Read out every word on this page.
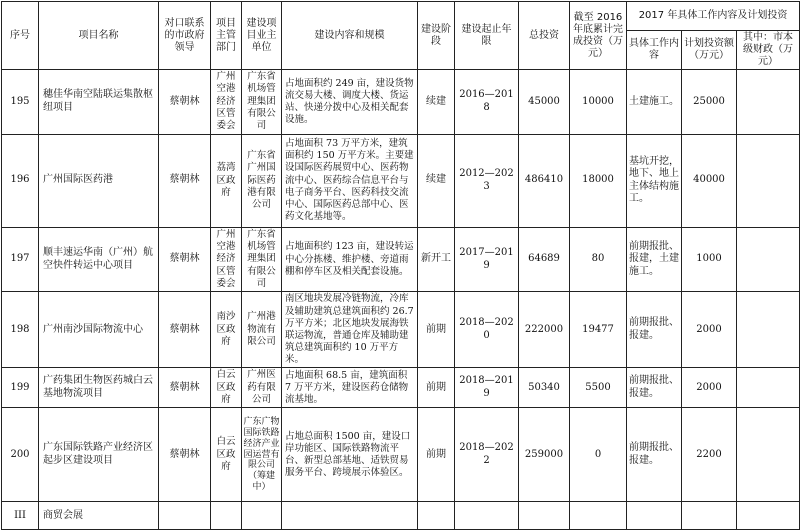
序号	项目名称	对口联系的市政府领导	项目主管部门	建设项目业主单位	建设内容和规模	建设阶段	建设起止年限	总投资	截至 2016 年底累计完成投资（万元）	2017 年具体工作内容及计划投资		
										具体工作内容	计划投资额（万元）	其中：市本级财政（万元）
195	穗佳华南空陆联运集散枢纽项目	蔡朝林	广州空港经济区管委会	广东省机场管理集团有限公司	占地面积约 249 亩，建设货物流交易大楼、调度大楼、货运站、快递分拨中心及相关配套设施。	续建	2016—2018	45000	10000	土建施工。	25000	
196	广州国际医药港	蔡朝林	荔湾区政府	广东省广州国际医药港有限公司	占地面积 73 万平方米，建筑面积约 150 万平方米。主要建设国际医药展贸中心、医药物流中心、医药综合信息平台与电子商务平台、医药科技交流中心、国际医药总部中心、医药文化基地等。	续建	2012—2023	486410	18000	基坑开挖，地下、地上主体结构施工。	40000	
197	顺丰速运华南（广州）航空快件转运中心项目	蔡朝林	广州空港经济区管委会	广东省机场管理集团有限公司	占地面积约 123 亩，建设转运中心分拣楼、维护楼、旁道雨棚和停车区及相关配套设施。	新开工	2017—2019	64689	80	前期报批、报建，土建施工。	1000	
198	广州南沙国际物流中心	蔡朝林	南沙区政府	广州港物流有限公司	南区地块发展冷链物流，冷库及辅助建筑总建筑面积约 26.7 万平方米；北区地块发展海铁联运物流，普通仓库及辅助建筑总建筑面积约 10 万平方米。	前期	2018—2020	222000	19477	前期报批、报建。	2000	
199	广药集团生物医药城白云基地物流项目	蔡朝林	白云区政府	广州医药有限公司	占地面积 68.5 亩，建筑面积 7 万平方米，建设医药仓储物流基地。	前期	2018—2019	50340	5500	前期报批、报建。	2000	
200	广东国际铁路产业经济区起步区建设项目	蔡朝林	白云区政府	广东广物国际铁路经济产业园运营有限公司（筹建中）	占地总面积 1500 亩，建设口岸功能区、国际铁路物流平台、新型总部基地、适铁贸易服务平台、跨境展示体验区。	前期	2018—2022	259000	0	前期报批、报建。	2200	
III	商贸会展											
